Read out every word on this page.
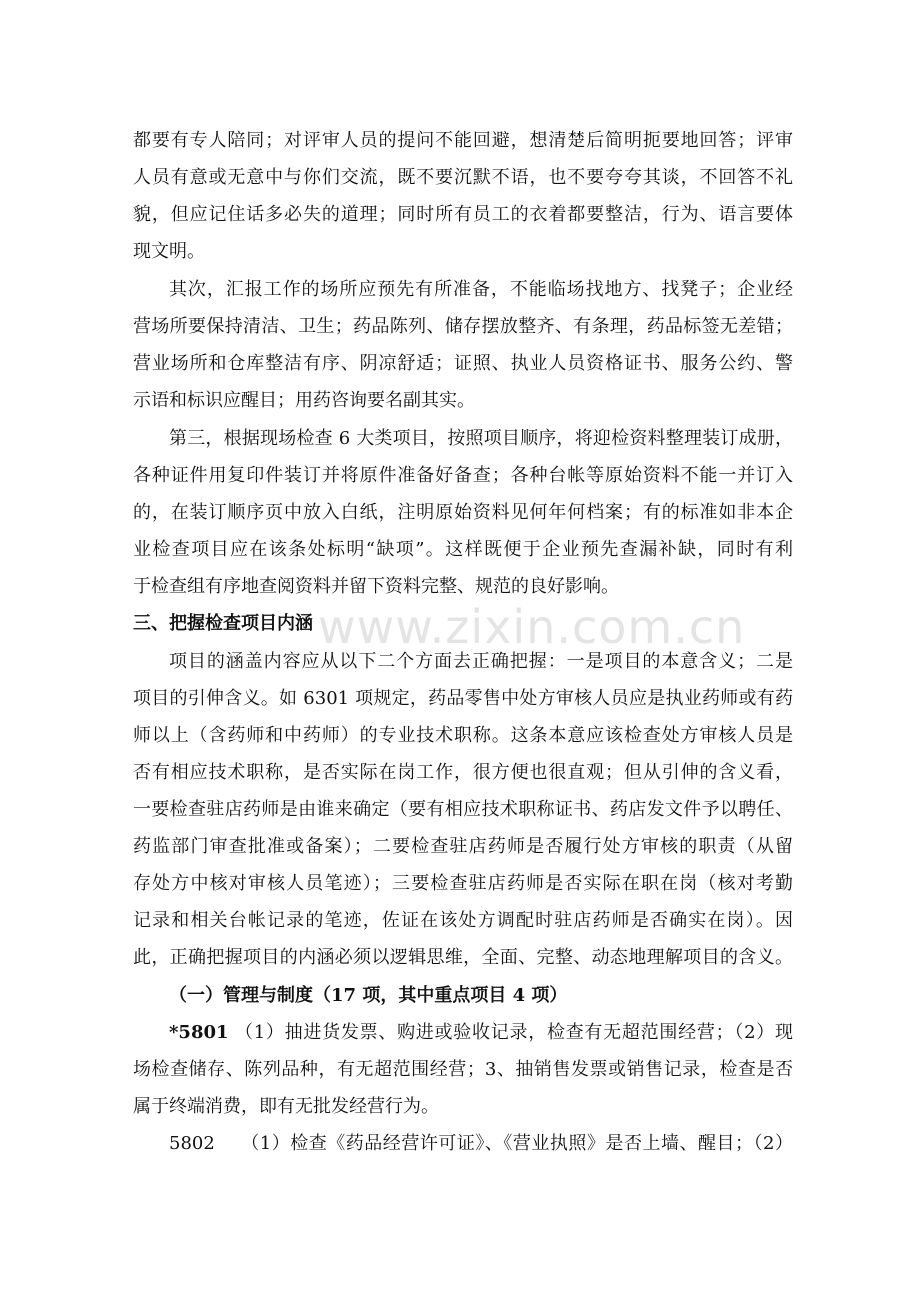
www.zixin.com.cn
都要有专人陪同；对评审人员的提问不能回避，想清楚后简明扼要地回答；评审
人员有意或无意中与你们交流，既不要沉默不语，也不要夸夸其谈，不回答不礼
貌，但应记住话多必失的道理；同时所有员工的衣着都要整洁，行为、语言要体
现文明。
其次，汇报工作的场所应预先有所准备，不能临场找地方、找凳子；企业经
营场所要保持清洁、卫生；药品陈列、储存摆放整齐、有条理，药品标签无差错；
营业场所和仓库整洁有序、阴凉舒适；证照、执业人员资格证书、服务公约、警
示语和标识应醒目；用药咨询要名副其实。
第三，根据现场检查 6 大类项目，按照项目顺序，将迎检资料整理装订成册，
各种证件用复印件装订并将原件准备好备查；各种台帐等原始资料不能一并订入
的，在装订顺序页中放入白纸，注明原始资料见何年何档案；有的标准如非本企
业检查项目应在该条处标明“缺项”。这样既便于企业预先查漏补缺，同时有利
于检查组有序地查阅资料并留下资料完整、规范的良好影响。
三、把握检查项目内涵
项目的涵盖内容应从以下二个方面去正确把握：一是项目的本意含义；二是
项目的引伸含义。如 6301 项规定，药品零售中处方审核人员应是执业药师或有药
师以上（含药师和中药师）的专业技术职称。这条本意应该检查处方审核人员是
否有相应技术职称，是否实际在岗工作，很方便也很直观；但从引伸的含义看，
一要检查驻店药师是由谁来确定（要有相应技术职称证书、药店发文件予以聘任、
药监部门审查批准或备案）；二要检查驻店药师是否履行处方审核的职责（从留
存处方中核对审核人员笔迹）；三要检查驻店药师是否实际在职在岗（核对考勤
记录和相关台帐记录的笔迹，佐证在该处方调配时驻店药师是否确实在岗）。因
此，正确把握项目的内涵必须以逻辑思维，全面、完整、动态地理解项目的含义。
（一）管理与制度（17 项，其中重点项目 4 项）
*5801 （1）抽进货发票、购进或验收记录，检查有无超范围经营；（2）现
场检查储存、陈列品种，有无超范围经营；3、抽销售发票或销售记录，检查是否
属于终端消费，即有无批发经营行为。
5802 （1）检查《药品经营许可证》、《营业执照》是否上墙、醒目；（2）
